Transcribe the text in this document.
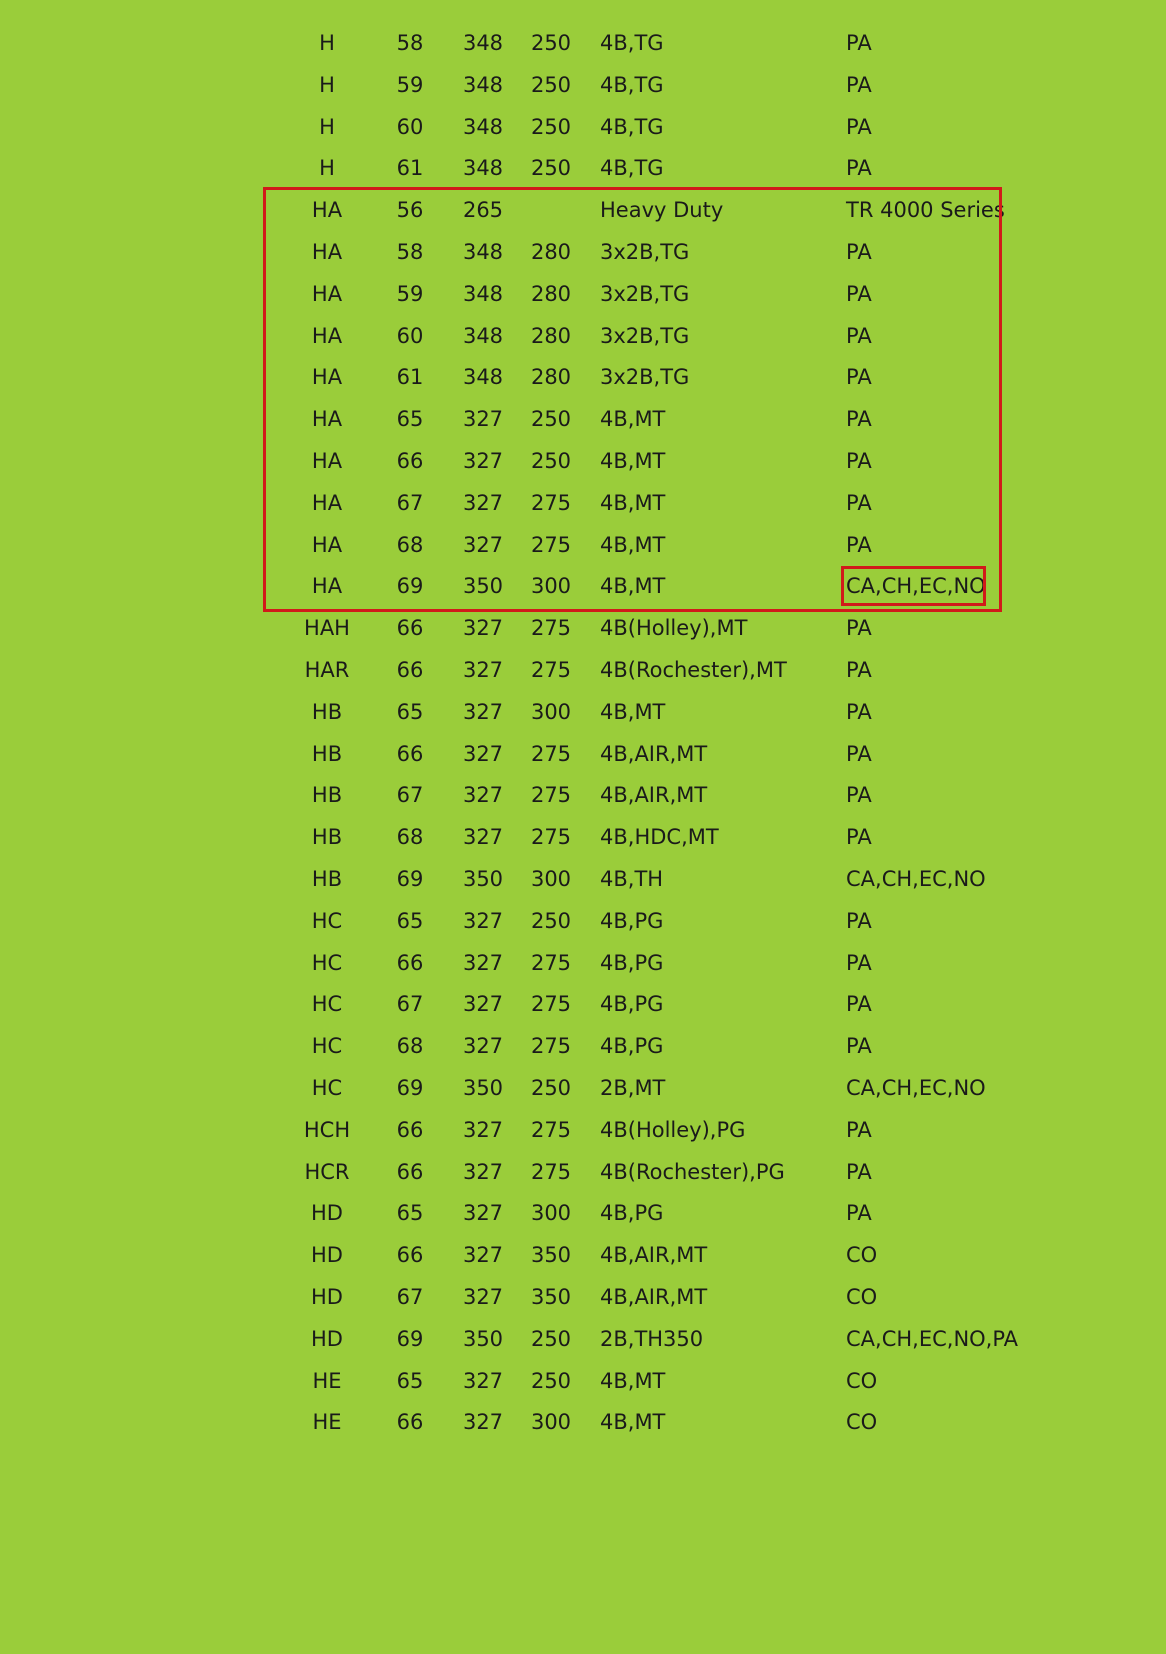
H	58 348 250 4B,TG	PA
H	59 348 250 4B,TG	PA
H	60 348 250 4B,TG	PA
H	61 348 250 4B,TG	PA
HA	56 265	Heavy Duty	TR 4000 Series
HA	58 348 280 3x2B,TG	PA
HA	59 348 280 3x2B,TG	PA
HA	60 348 280 3x2B,TG	PA
HA	61 348 280 3x2B,TG	PA
HA	65 327 250 4B,MT	PA
HA	66 327 250 4B,MT	PA
HA	67 327 275 4B,MT	PA
HA	68 327 275 4B,MT	PA
HA	69 350 300 4B,MT	CA,CH,EC,NO
HAH 66 327 275 4B(Holley),MT	PA
HAR 66 327 275 4B(Rochester),MT	PA
HB	65 327 300 4B,MT	PA
HB	66 327 275 4B,AIR,MT	PA
HB	67 327 275 4B,AIR,MT	PA
HB	68 327 275 4B,HDC,MT	PA
HB	69 350 300 4B,TH	CA,CH,EC,NO
HC	65 327 250 4B,PG	PA
HC	66 327 275 4B,PG	PA
HC	67 327 275 4B,PG	PA
HC	68 327 275 4B,PG	PA
HC	69 350 250 2B,MT	CA,CH,EC,NO
HCH 66 327 275 4B(Holley),PG	PA
HCR 66 327 275 4B(Rochester),PG	PA
HD	65 327 300 4B,PG	PA
HD	66 327 350 4B,AIR,MT	CO
HD	67 327 350 4B,AIR,MT	CO
HD	69 350 250 2B,TH350	CA,CH,EC,NO,PA
HE	65 327 250 4B,MT	CO
HE	66 327 300 4B,MT	CO
